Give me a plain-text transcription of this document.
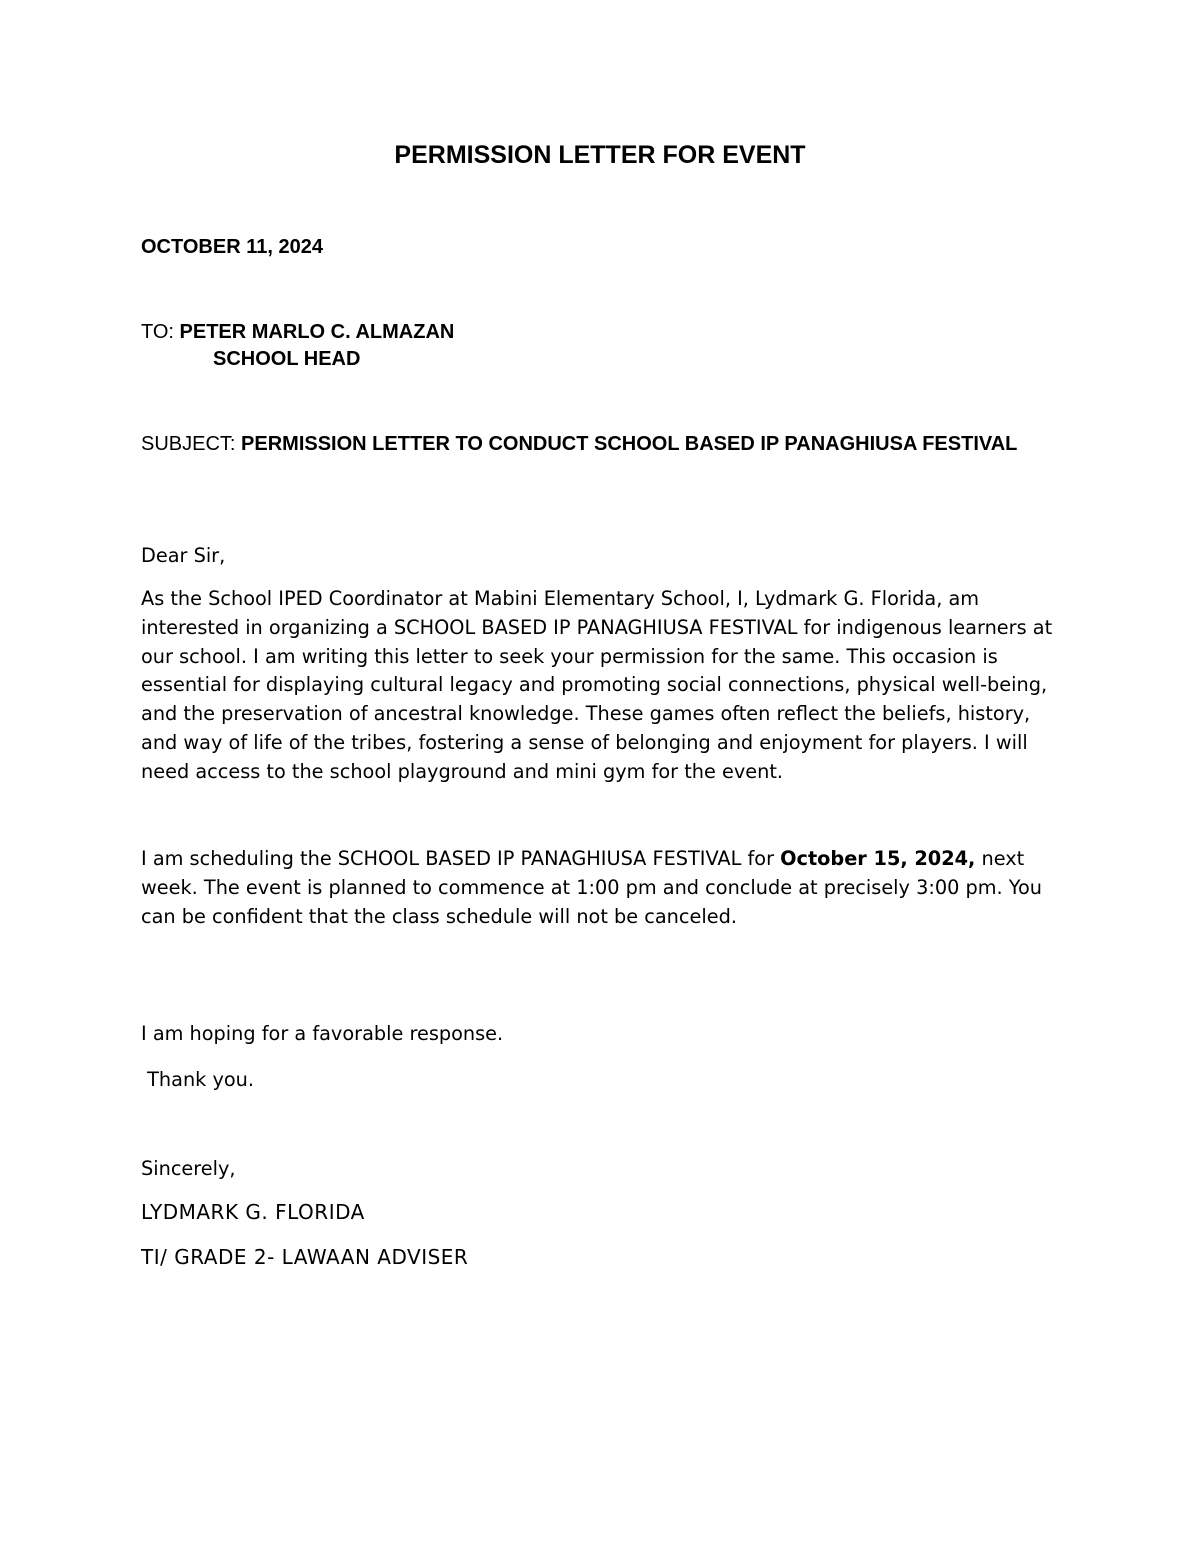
PERMISSION LETTER FOR EVENT

OCTOBER 11, 2024

TO: PETER MARLO C. ALMAZAN

SCHOOL HEAD

SUBJECT: PERMISSION LETTER TO CONDUCT SCHOOL BASED IP PANAGHIUSA FESTIVAL

Dear Sir,

As the School IPED Coordinator at Mabini Elementary School, I, Lydmark G. Florida, am interested in organizing a SCHOOL BASED IP PANAGHIUSA FESTIVAL for indigenous learners at our school. I am writing this letter to seek your permission for the same. This occasion is essential for displaying cultural legacy and promoting social connections, physical well-being, and the preservation of ancestral knowledge. These games often reflect the beliefs, history, and way of life of the tribes, fostering a sense of belonging and enjoyment for players. I will need access to the school playground and mini gym for the event.

I am scheduling the SCHOOL BASED IP PANAGHIUSA FESTIVAL for October 15, 2024, next week. The event is planned to commence at 1:00 pm and conclude at precisely 3:00 pm. You can be confident that the class schedule will not be canceled.

I am hoping for a favorable response.

Thank you.

Sincerely,

LYDMARK G. FLORIDA

TI/ GRADE 2- LAWAAN ADVISER
